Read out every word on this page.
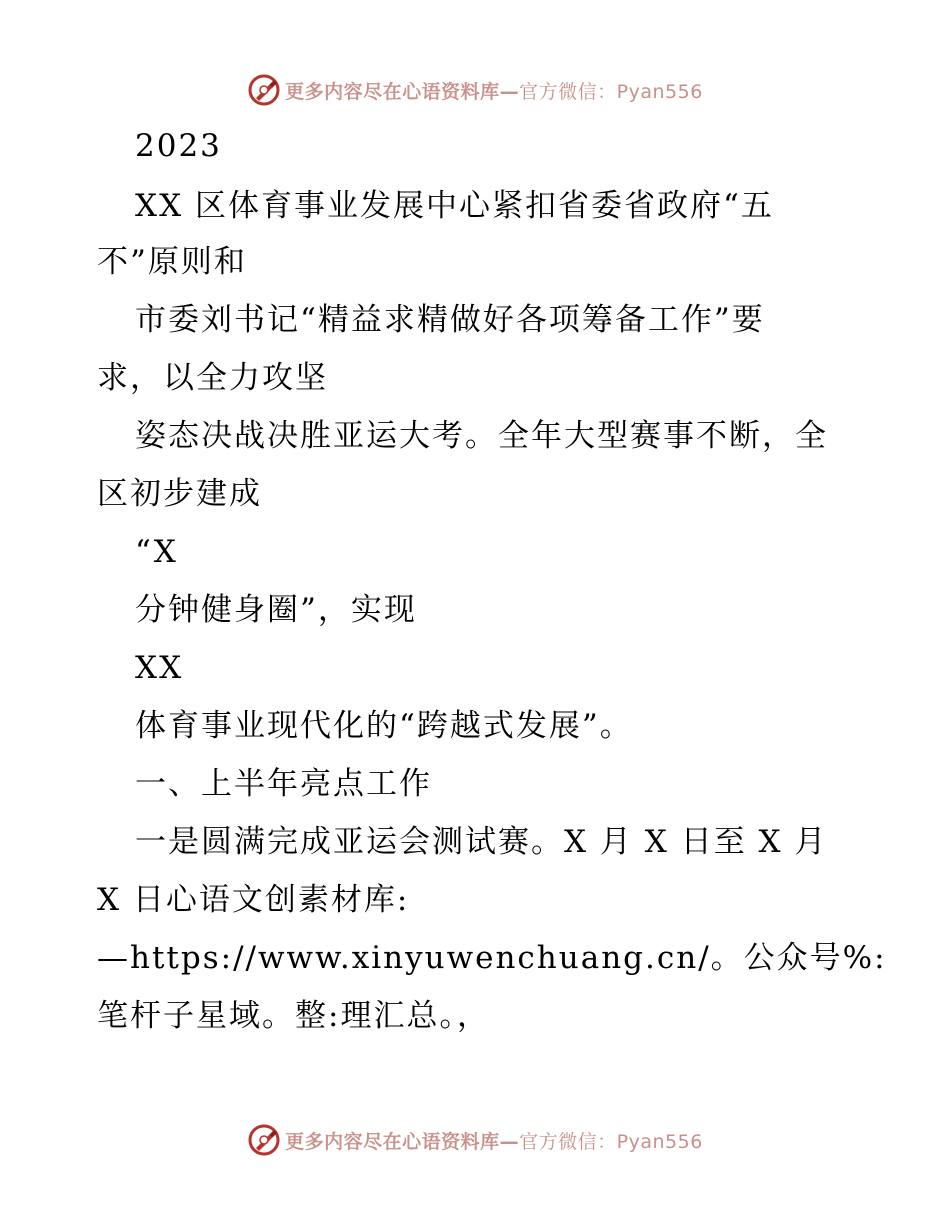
更多内容尽在心语资料库—官方微信：Pyan556
2023
XX 区体育事业发展中心紧扣省委省政府“五
不”原则和
市委刘书记“精益求精做好各项筹备工作”要
求，以全力攻坚
姿态决战决胜亚运大考。全年大型赛事不断，全
区初步建成
“X
分钟健身圈”，实现
XX
体育事业现代化的“跨越式发展”。
一、上半年亮点工作
一是圆满完成亚运会测试赛。X 月 X 日至 X 月
X 日心语文创素材库:
—https://www.xinyuwenchuang.cn/。公众号%:
笔杆子星域。整:理汇总。，
更多内容尽在心语资料库—官方微信：Pyan556
